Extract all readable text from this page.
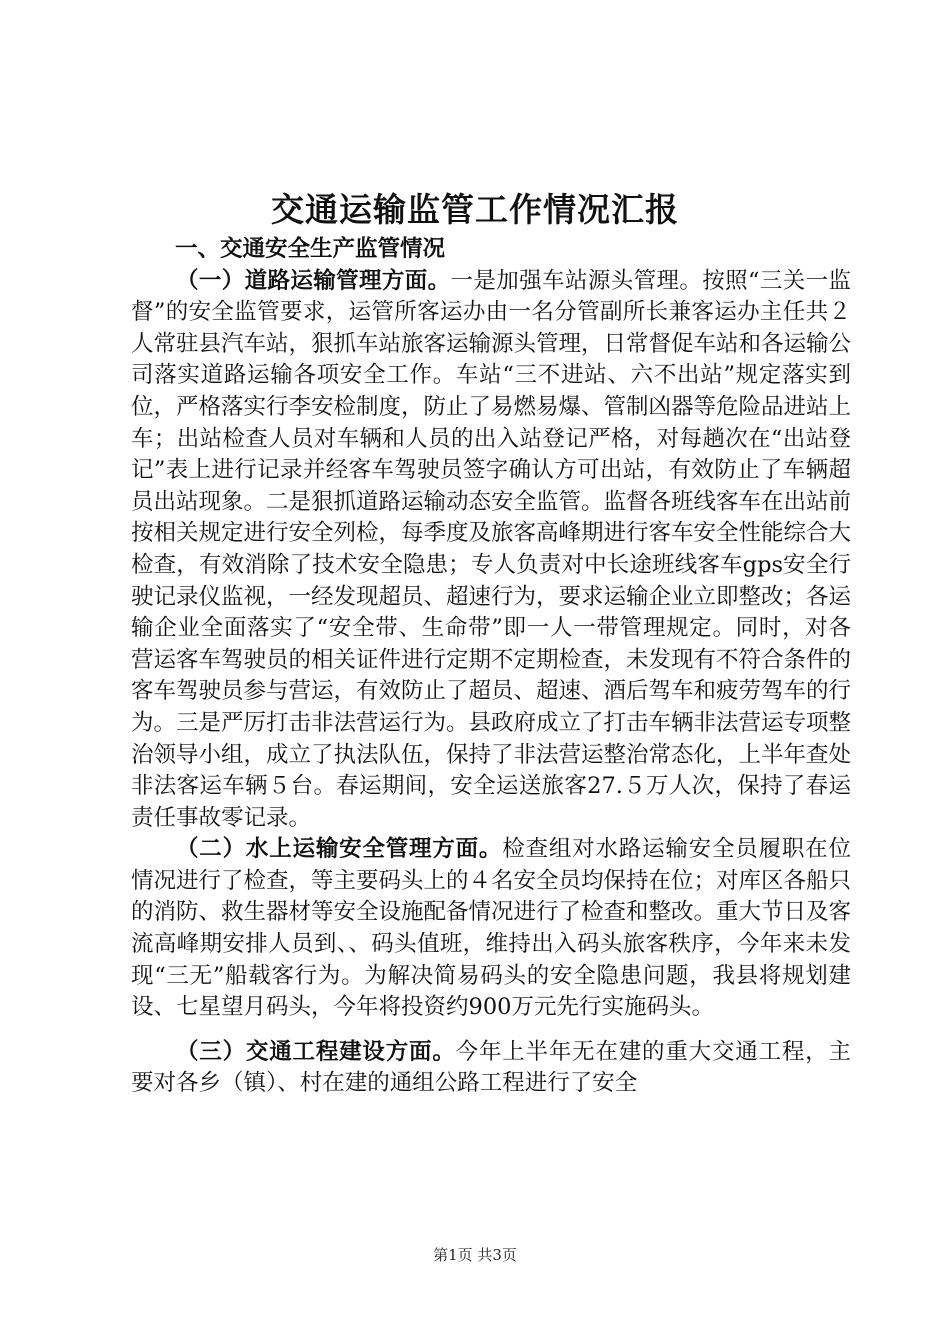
交通运输监管工作情况汇报

一、交通安全生产监管情况

（一）道路运输管理方面。一是加强车站源头管理。按照“三关一监督”的安全监管要求，运管所客运办由一名分管副所长兼客运办主任共２人常驻县汽车站，狠抓车站旅客运输源头管理，日常督促车站和各运输公司落实道路运输各项安全工作。车站“三不进站、六不出站”规定落实到位，严格落实行李安检制度，防止了易燃易爆、管制凶器等危险品进站上车；出站检查人员对车辆和人员的出入站登记严格，对每趟次在“出站登记”表上进行记录并经客车驾驶员签字确认方可出站，有效防止了车辆超员出站现象。二是狠抓道路运输动态安全监管。监督各班线客车在出站前按相关规定进行安全列检，每季度及旅客高峰期进行客车安全性能综合大检查，有效消除了技术安全隐患；专人负责对中长途班线客车gps安全行驶记录仪监视，一经发现超员、超速行为，要求运输企业立即整改；各运输企业全面落实了“安全带、生命带”即一人一带管理规定。同时，对各营运客车驾驶员的相关证件进行定期不定期检查，未发现有不符合条件的客车驾驶员参与营运，有效防止了超员、超速、酒后驾车和疲劳驾车的行为。三是严厉打击非法营运行为。县政府成立了打击车辆非法营运专项整治领导小组，成立了执法队伍，保持了非法营运整治常态化，上半年查处非法客运车辆５台。春运期间，安全运送旅客27.５万人次，保持了春运责任事故零记录。

（二）水上运输安全管理方面。检查组对水路运输安全员履职在位情况进行了检查，等主要码头上的４名安全员均保持在位；对库区各船只的消防、救生器材等安全设施配备情况进行了检查和整改。重大节日及客流高峰期安排人员到、、码头值班，维持出入码头旅客秩序，今年来未发现“三无”船载客行为。为解决简易码头的安全隐患问题，我县将规划建设、七星望月码头，今年将投资约900万元先行实施码头。

（三）交通工程建设方面。今年上半年无在建的重大交通工程，主要对各乡（镇）、村在建的通组公路工程进行了安全

第1页 共3页
